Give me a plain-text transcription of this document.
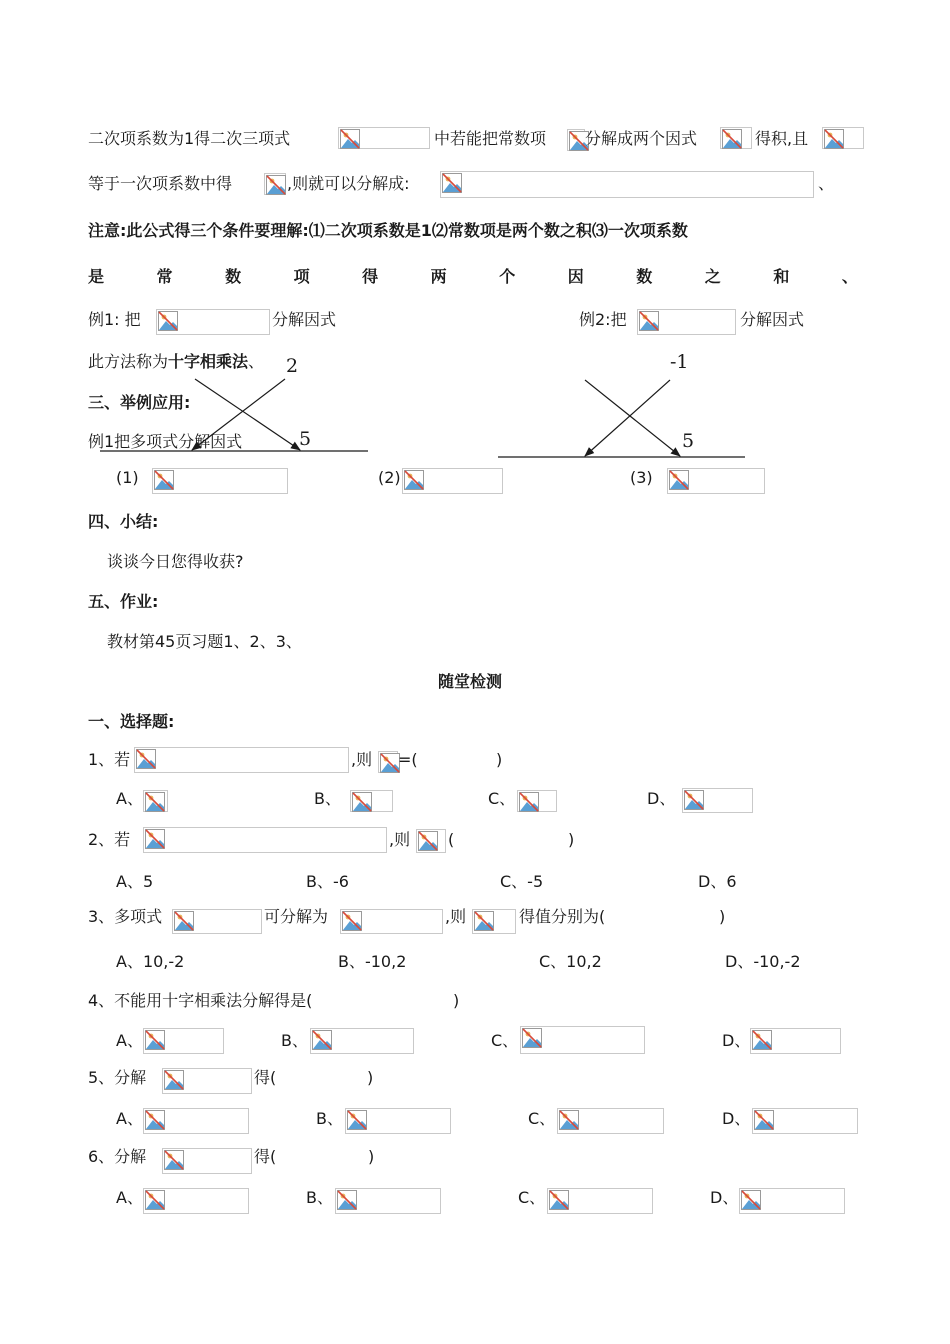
二次项系数为1得二次三项式	中若能把常数项 分解成两个因式	得积,且
等于一次项系数中得	,则就可以分解成:	、
注意:此公式得三个条件要理解:⑴二次项系数是1⑵常数项是两个数之积⑶一次项系数
是	常	数	项	得	两	个	因	数	之	和	、
例1: 把	分解因式	例2:把	分解因式
此方法称为十字相乘法、 2
5
-1
5
三、举例应用:
例1把多项式分解因式
(1)	(2)	(3)
四、小结:
谈谈今日您得收获?
五、作业:
教材第45页习题1、2、3、
随堂检测
一、选择题:
1、若	,则 =(	)
A、	B、	C、	D、
2、若	,则 (	)
A、5	B、-6	C、-5	D、6
3、多项式	可分解为	,则	得值分别为(	)
A、10,-2	B、-10,2	C、10,2	D、-10,-2
4、不能用十字相乘法分解得是(	)
A、	B、	C、	D、
5、分解	得(	)
A、	B、	C、	D、
6、分解	得(	)
A、	B、	C、	D、
